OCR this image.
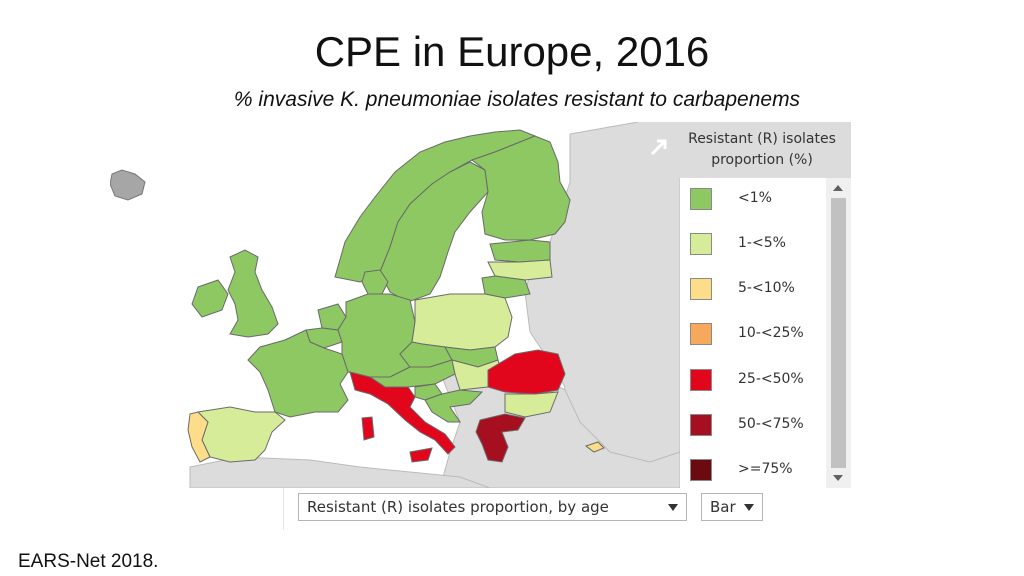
CPE in Europe, 2016
% invasive K. pneumoniae isolates resistant to carbapenems
Resistant (R) isolates
proportion (%)
<1%
1-<5%
5-<10%
10-<25%
25-<50%
50-<75%
>=75%
Resistant (R) isolates proportion, by age	Bar
EARS-Net 2018.
